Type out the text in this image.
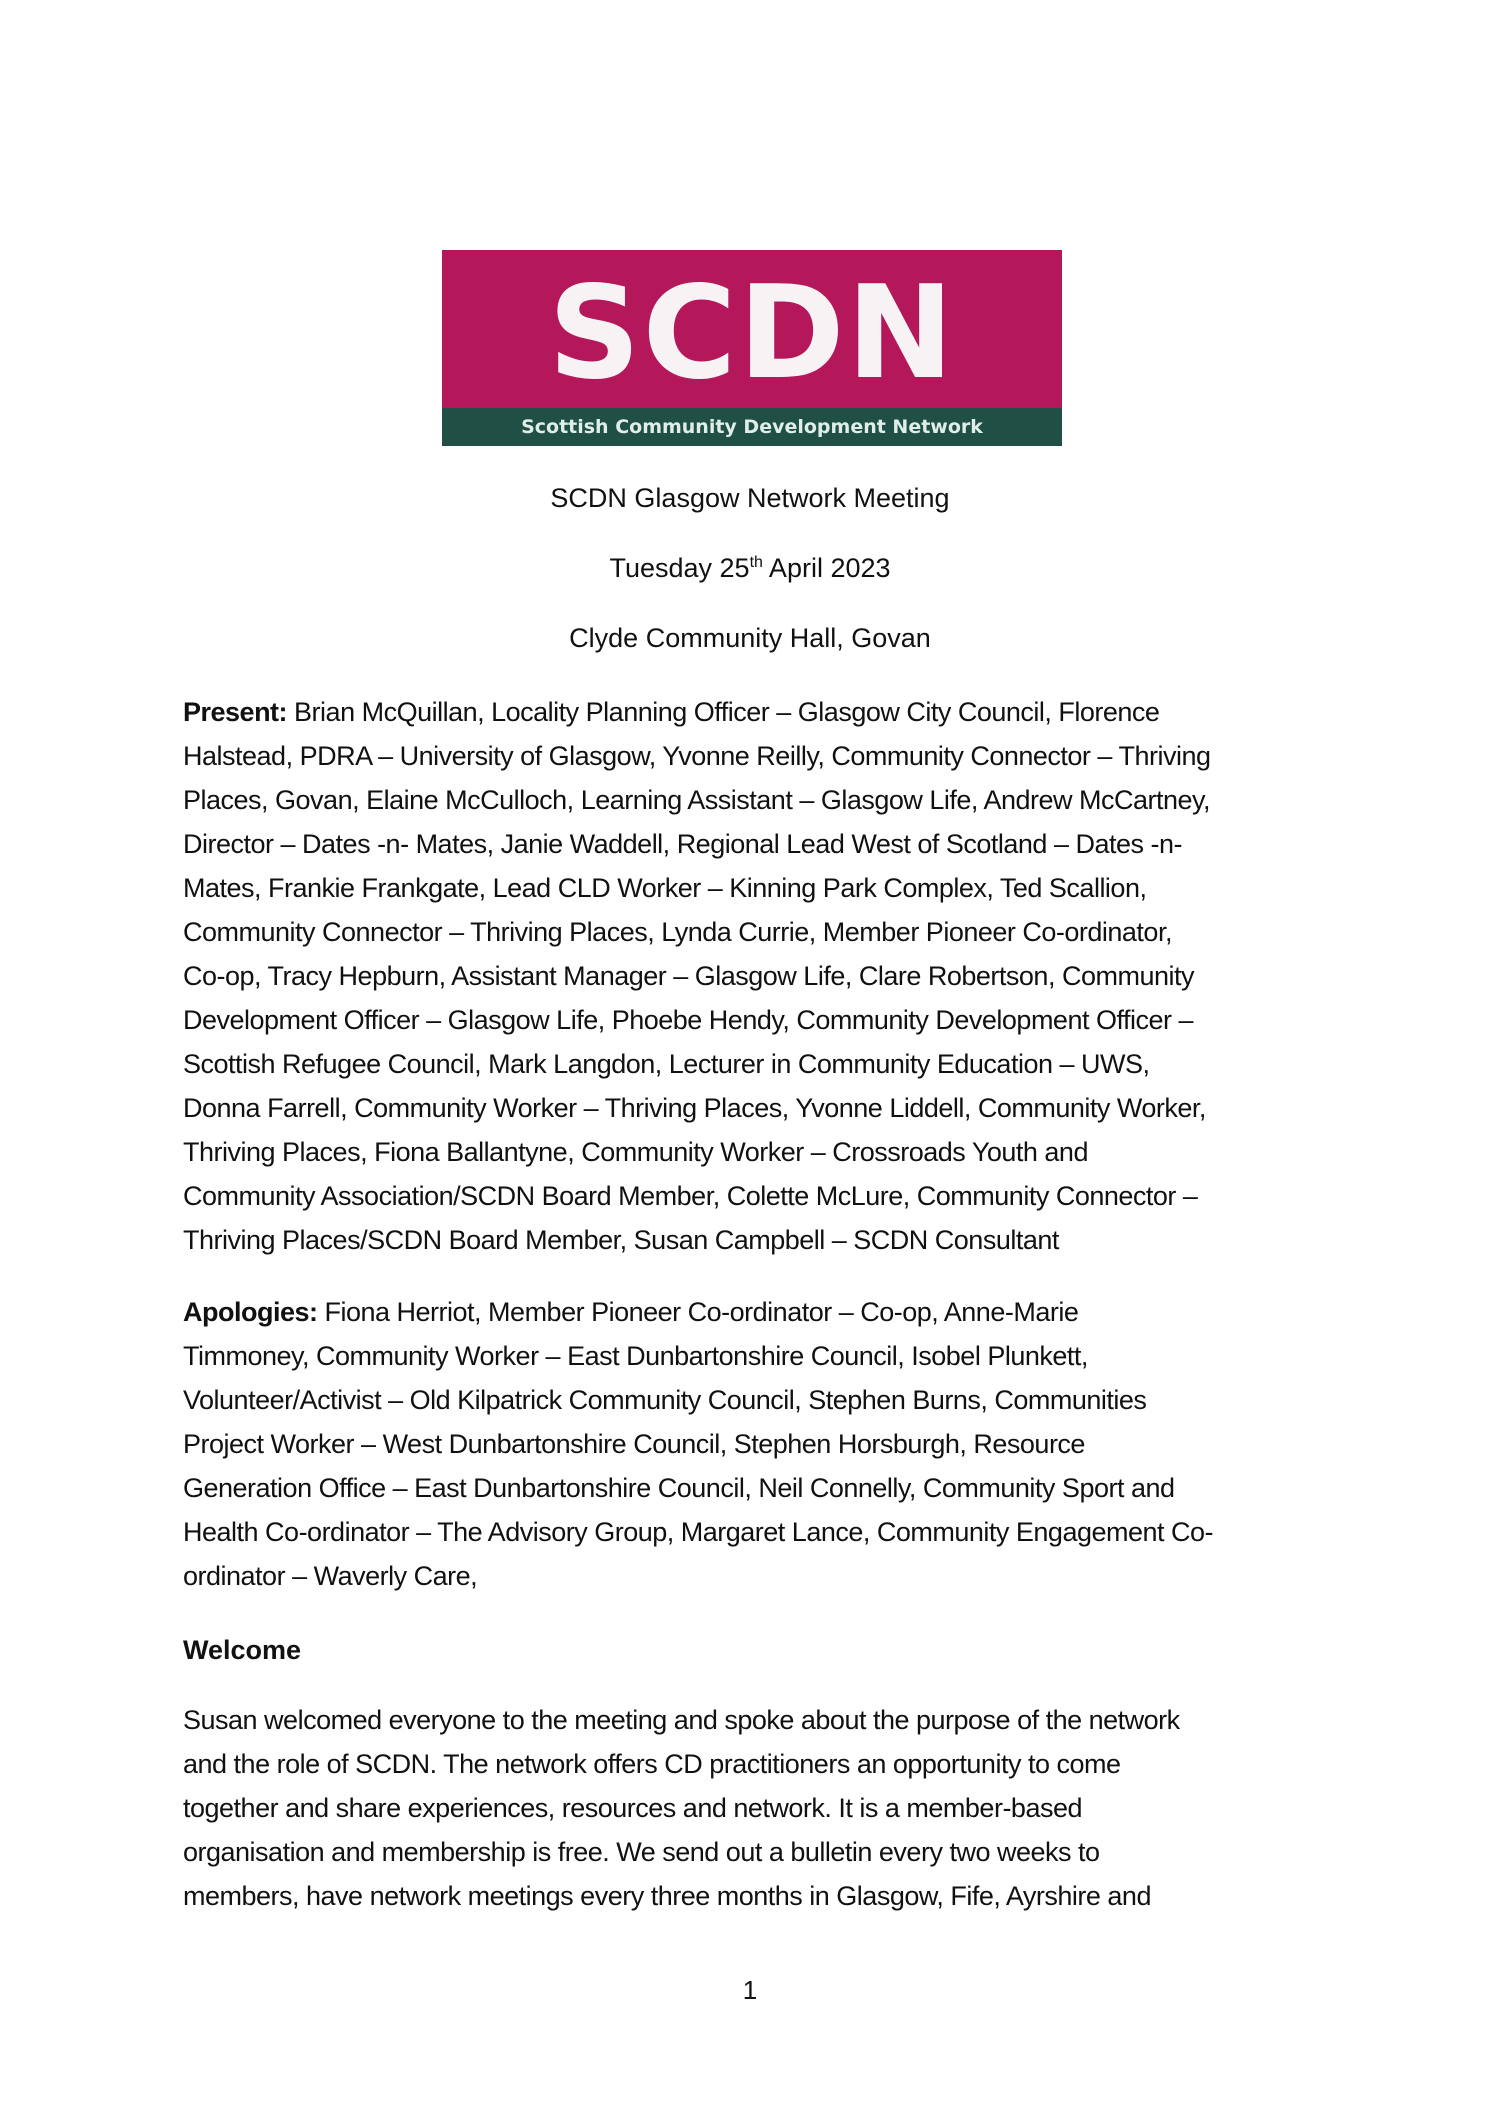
SCDN
Scottish Community Development Network
SCDN Glasgow Network Meeting
Tuesday 25th April 2023
Clyde Community Hall, Govan
Present: Brian McQuillan, Locality Planning Officer – Glasgow City Council, Florence
Halstead, PDRA – University of Glasgow, Yvonne Reilly, Community Connector – Thriving
Places, Govan, Elaine McCulloch, Learning Assistant – Glasgow Life, Andrew McCartney,
Director – Dates -n- Mates, Janie Waddell, Regional Lead West of Scotland – Dates -n-
Mates, Frankie Frankgate, Lead CLD Worker – Kinning Park Complex, Ted Scallion,
Community Connector – Thriving Places, Lynda Currie, Member Pioneer Co-ordinator,
Co-op, Tracy Hepburn, Assistant Manager – Glasgow Life, Clare Robertson, Community
Development Officer – Glasgow Life, Phoebe Hendy, Community Development Officer –
Scottish Refugee Council, Mark Langdon, Lecturer in Community Education – UWS,
Donna Farrell, Community Worker – Thriving Places, Yvonne Liddell, Community Worker,
Thriving Places, Fiona Ballantyne, Community Worker – Crossroads Youth and
Community Association/SCDN Board Member, Colette McLure, Community Connector –
Thriving Places/SCDN Board Member, Susan Campbell – SCDN Consultant
Apologies: Fiona Herriot, Member Pioneer Co-ordinator – Co-op, Anne-Marie
Timmoney, Community Worker – East Dunbartonshire Council, Isobel Plunkett,
Volunteer/Activist – Old Kilpatrick Community Council, Stephen Burns, Communities
Project Worker – West Dunbartonshire Council, Stephen Horsburgh, Resource
Generation Office – East Dunbartonshire Council, Neil Connelly, Community Sport and
Health Co-ordinator – The Advisory Group, Margaret Lance, Community Engagement Co-
ordinator – Waverly Care,
Welcome
Susan welcomed everyone to the meeting and spoke about the purpose of the network
and the role of SCDN. The network offers CD practitioners an opportunity to come
together and share experiences, resources and network. It is a member-based
organisation and membership is free. We send out a bulletin every two weeks to
members, have network meetings every three months in Glasgow, Fife, Ayrshire and
1
